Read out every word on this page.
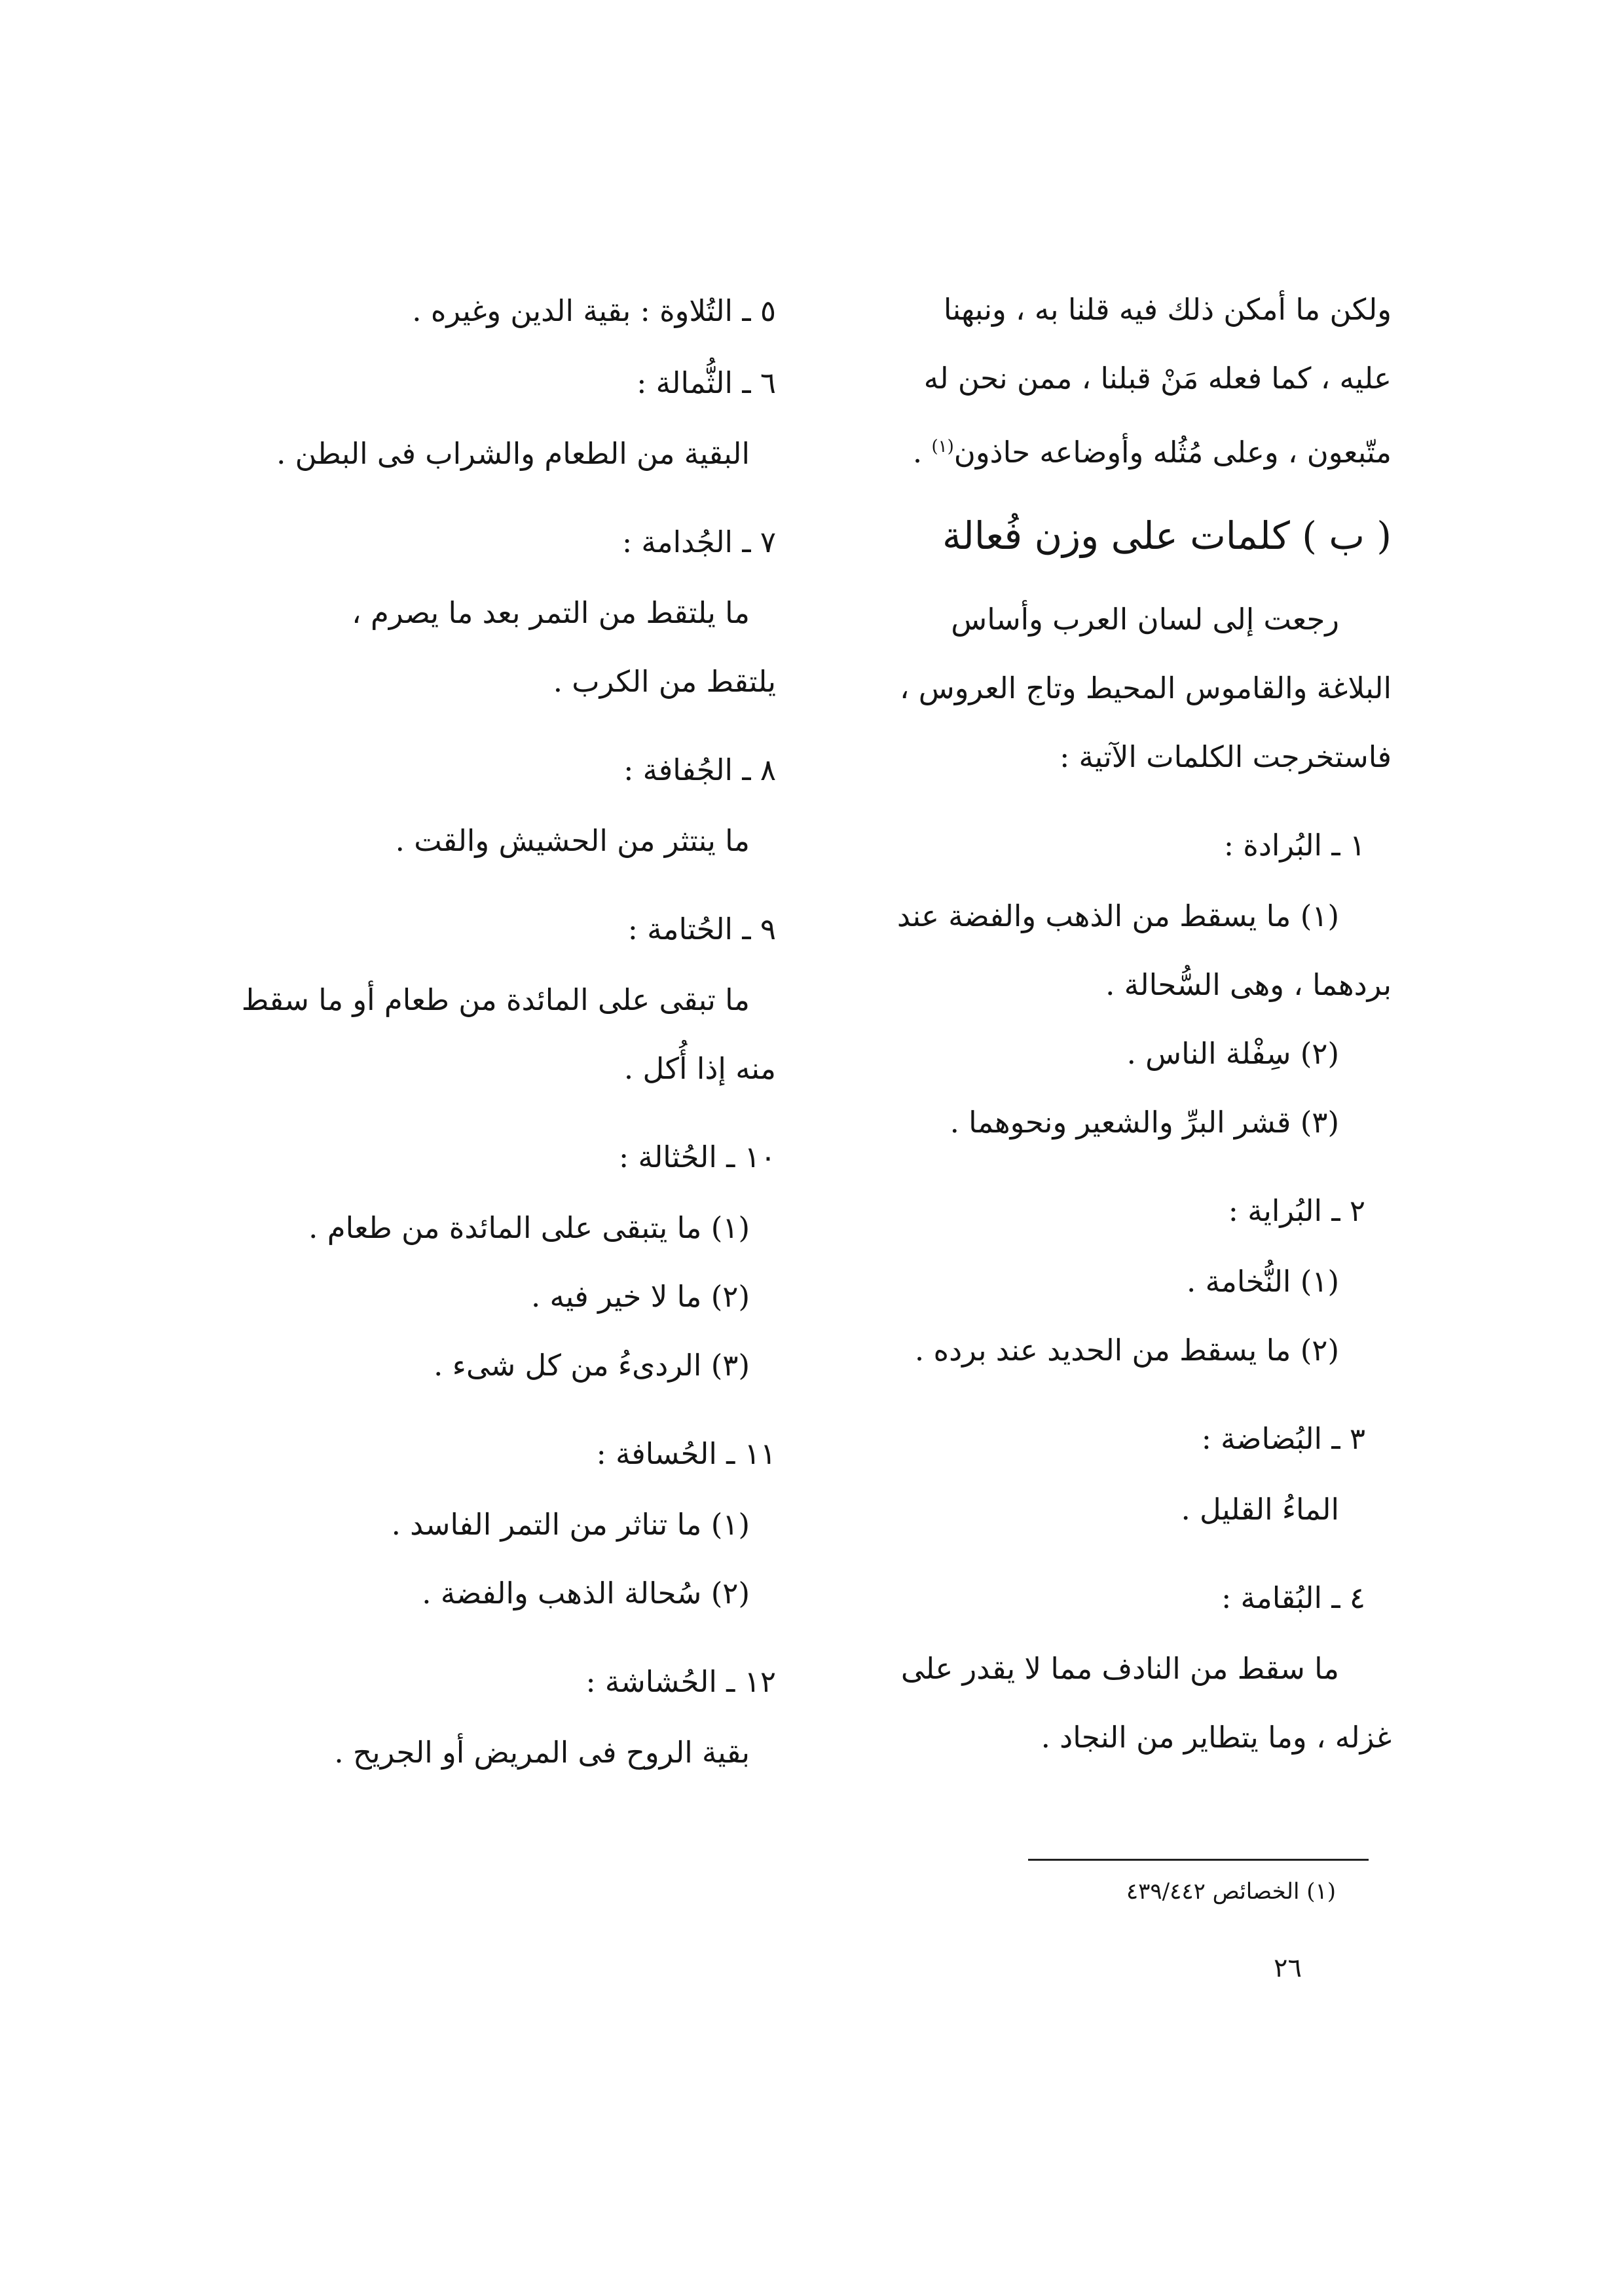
ولكن ما أمكن ذلك فيه قلنا به ، ونبهنا
عليه ، كما فعله مَنْ قبلنا ، ممن نحن له
متّبعون ، وعلى مُثُله وأوضاعه حاذون$^{(١)}$ .
( ب ) كلمات على وزن فُعالة
رجعت إلى لسان العرب وأساس
البلاغة والقاموس المحيط وتاج العروس ،
فاستخرجت الكلمات الآتية :
١ ـ البُرادة :
(١) ما يسقط من الذهب والفضة عند
بردهما ، وهى السُّحالة .
(٢) سِفْلة الناس .
(٣) قشر البرِّ والشعير ونحوهما .
٢ ـ البُراية :
(١) النُّخامة .
(٢) ما يسقط من الحديد عند برده .
٣ ـ البُضاضة :
الماءُ القليل .
٤ ـ البُقامة :
ما سقط من النادف مما لا يقدر على
غزله ، وما يتطاير من النجاد .
٥ ـ التُلاوة : بقية الدين وغيره .
٦ ـ الثُّمالة :
البقية من الطعام والشراب فى البطن .
٧ ـ الجُدامة :
ما يلتقط من التمر بعد ما يصرم ،
يلتقط من الكرب .
٨ ـ الجُفافة :
ما ينتثر من الحشيش والقت .
٩ ـ الحُتامة :
ما تبقى على المائدة من طعام أو ما سقط
منه إذا أُكل .
١٠ ـ الحُثالة :
(١) ما يتبقى على المائدة من طعام .
(٢) ما لا خير فيه .
(٣) الردىءُ من كل شىء .
١١ ـ الحُسافة :
(١) ما تناثر من التمر الفاسد .
(٢) سُحالة الذهب والفضة .
١٢ ـ الحُشاشة :
بقية الروح فى المريض أو الجريح .
(١) الخصائص ٤٣٩/٤٤٢
٢٦
